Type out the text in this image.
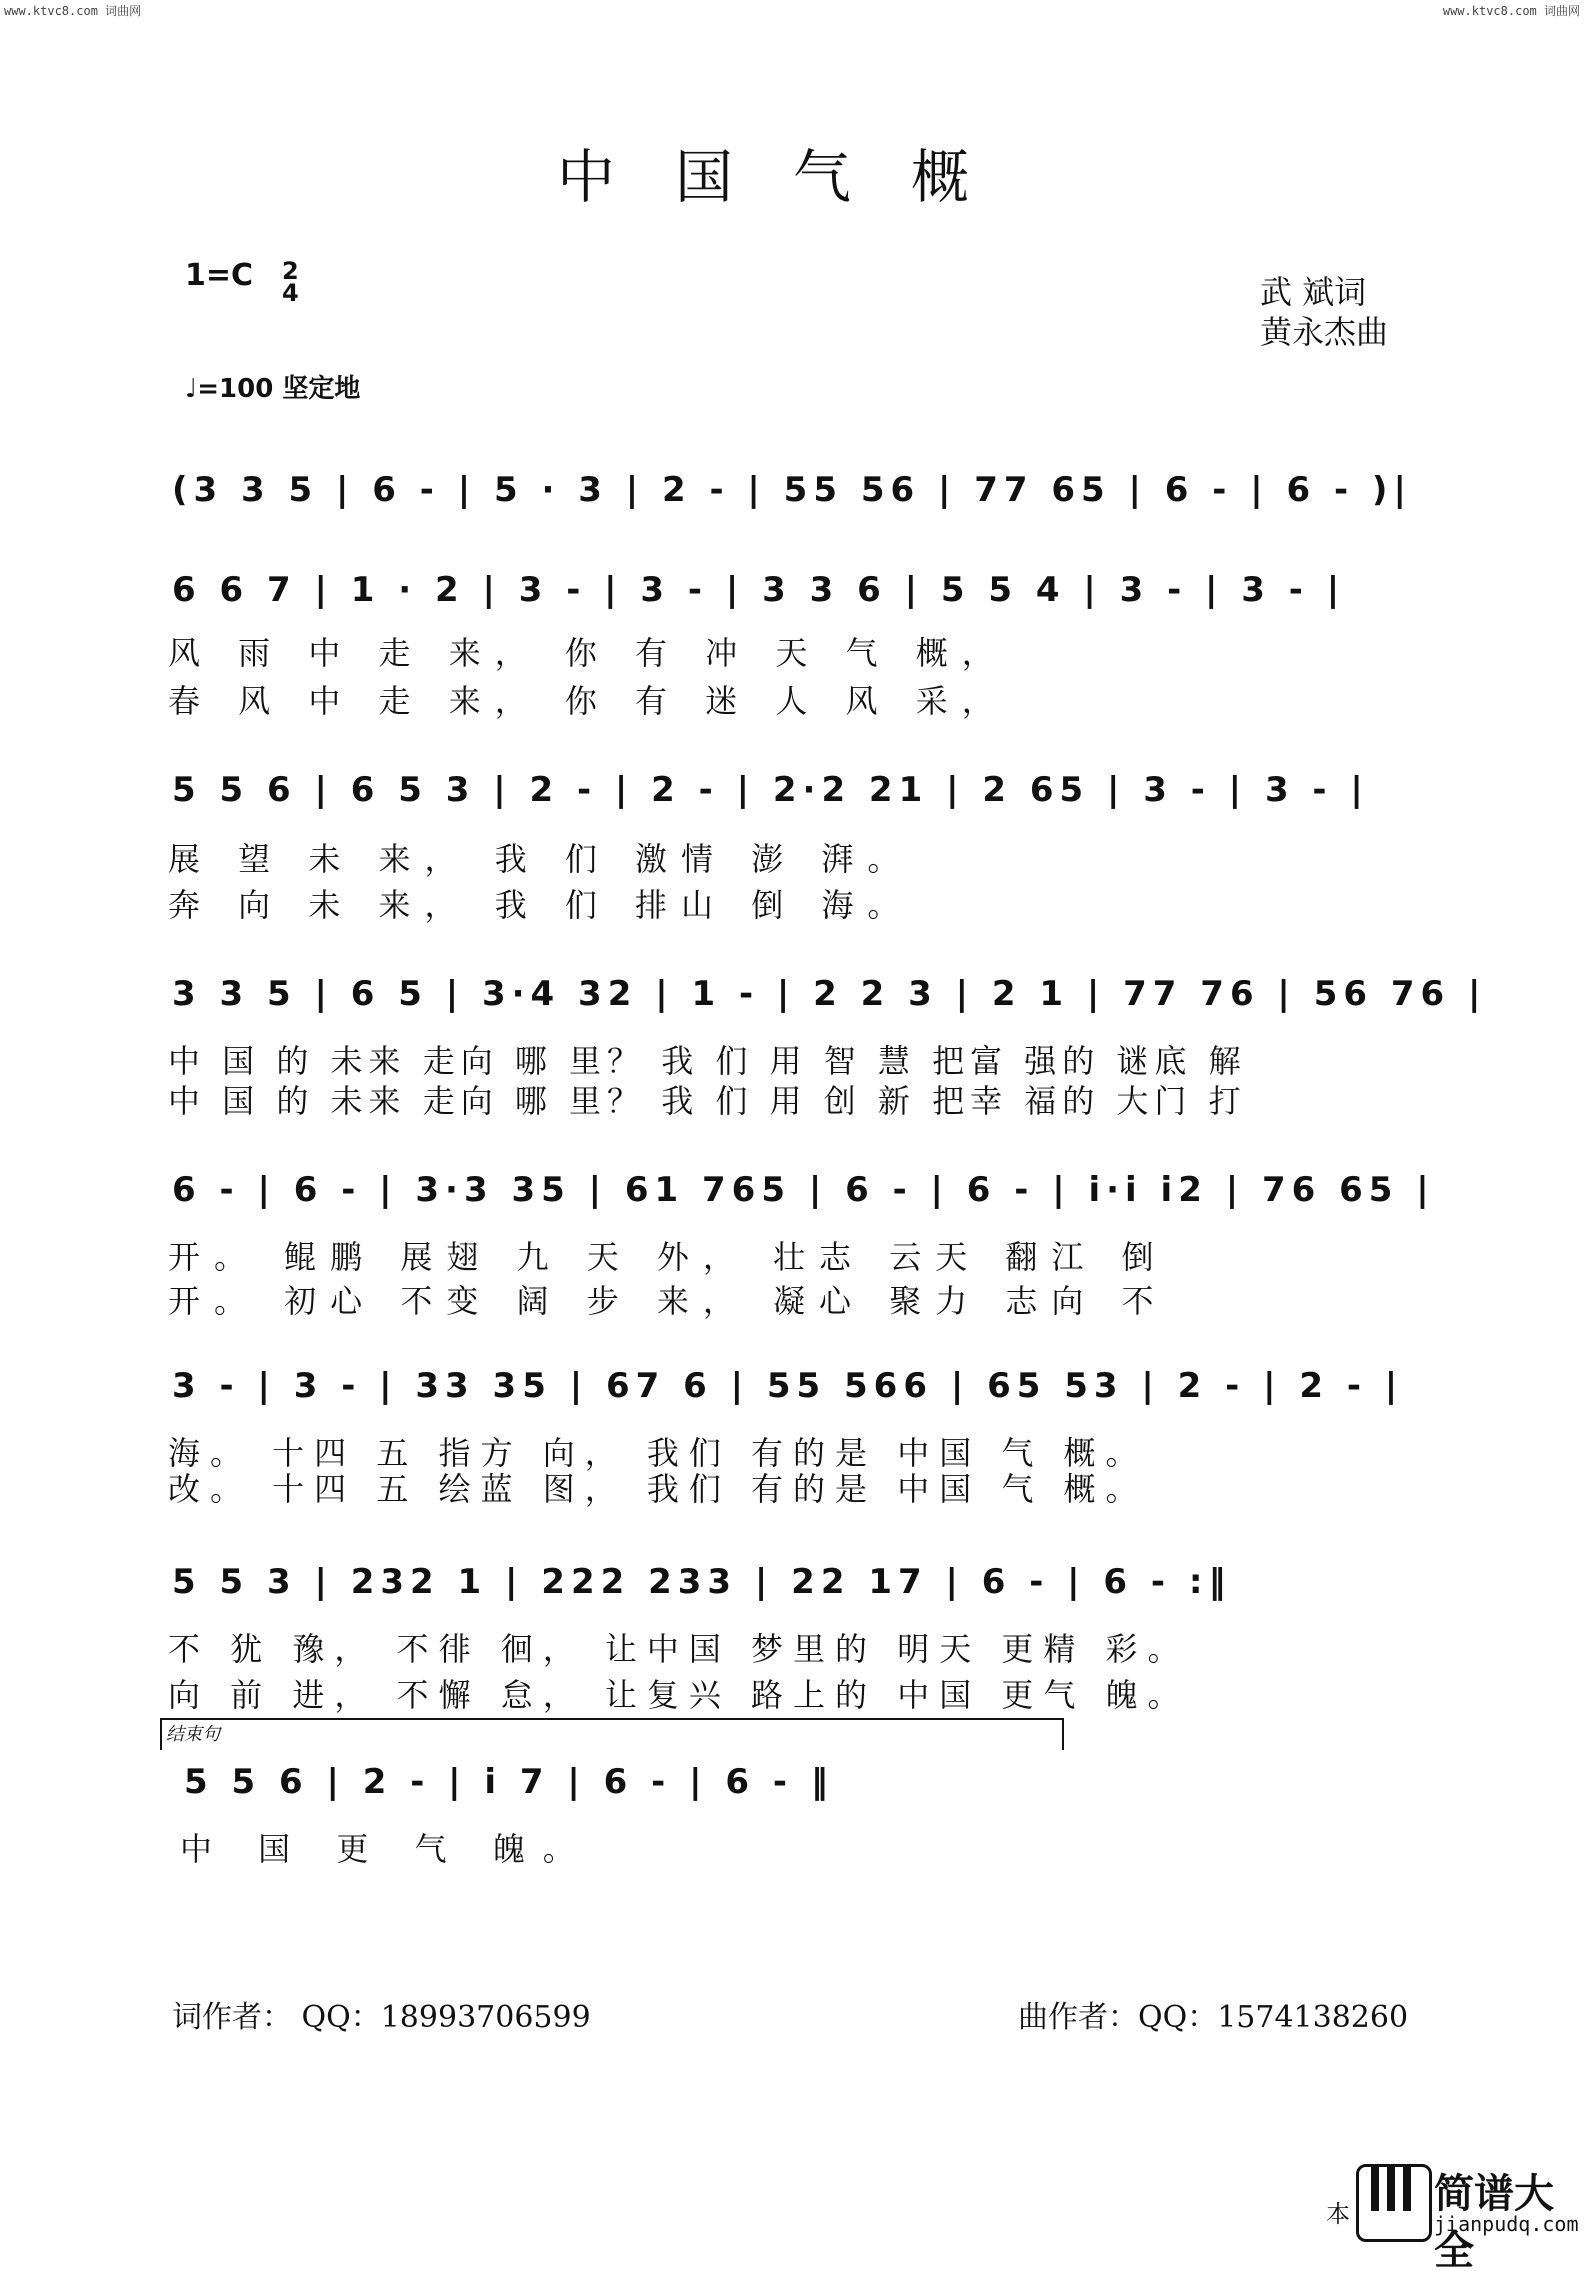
www.ktvc8.com 词曲网	www.ktvc8.com 词曲网
中国气概
1=C 2
4
♩=100 坚定地
武 斌词
黄永杰曲
(3 3 5 | 6 - | 5 · 3 | 2 - | 55 56 | 77 65 | 6 - | 6 - )|
6 6 7 | 1 · 2 | 3 - | 3 - | 3 3 6 | 5 5 4 | 3 - | 3 - |
风 雨 中 走 来， 你 有 冲 天 气 概，
春 风 中 走 来， 你 有 迷 人 风 采，
5 5 6 | 6 5 3 | 2 - | 2 - | 2·2 21 | 2 65 | 3 - | 3 - |
展 望 未 来， 我 们 激情 澎 湃。
奔 向 未 来， 我 们 排山 倒 海。
3 3 5 | 6 5 | 3·4 32 | 1 - | 2 2 3 | 2 1 | 77 76 | 56 76 |
中 国 的 未来 走向 哪 里？ 我 们 用 智 慧 把富 强的 谜底 解
中 国 的 未来 走向 哪 里？ 我 们 用 创 新 把幸 福的 大门 打
6 - | 6 - | 3·3 35 | 61 765 | 6 - | 6 - | i·i i2 | 76 65 |
开。 鲲鹏 展翅 九 天 外， 壮志 云天 翻江 倒
开。 初心 不变 阔 步 来， 凝心 聚力 志向 不
3 - | 3 - | 33 35 | 67 6 | 55 566 | 65 53 | 2 - | 2 - |
海。 十四 五 指方 向， 我们 有的是 中国 气 概。
改。 十四 五 绘蓝 图， 我们 有的是 中国 气 概。
5 5 3 | 232 1 | 222 233 | 22 17 | 6 - | 6 - :‖
不 犹 豫， 不徘 徊， 让中国 梦里的 明天 更精 彩。
向 前 进， 不懈 怠， 让复兴 路上的 中国 更气 魄。
结束句
5 5 6 | 2 - | i 7 | 6 - | 6 - ‖
中 国 更 气 魄。
词作者： QQ：18993706599	曲作者：QQ：1574138260
本 简谱大全
jianpudq.com
